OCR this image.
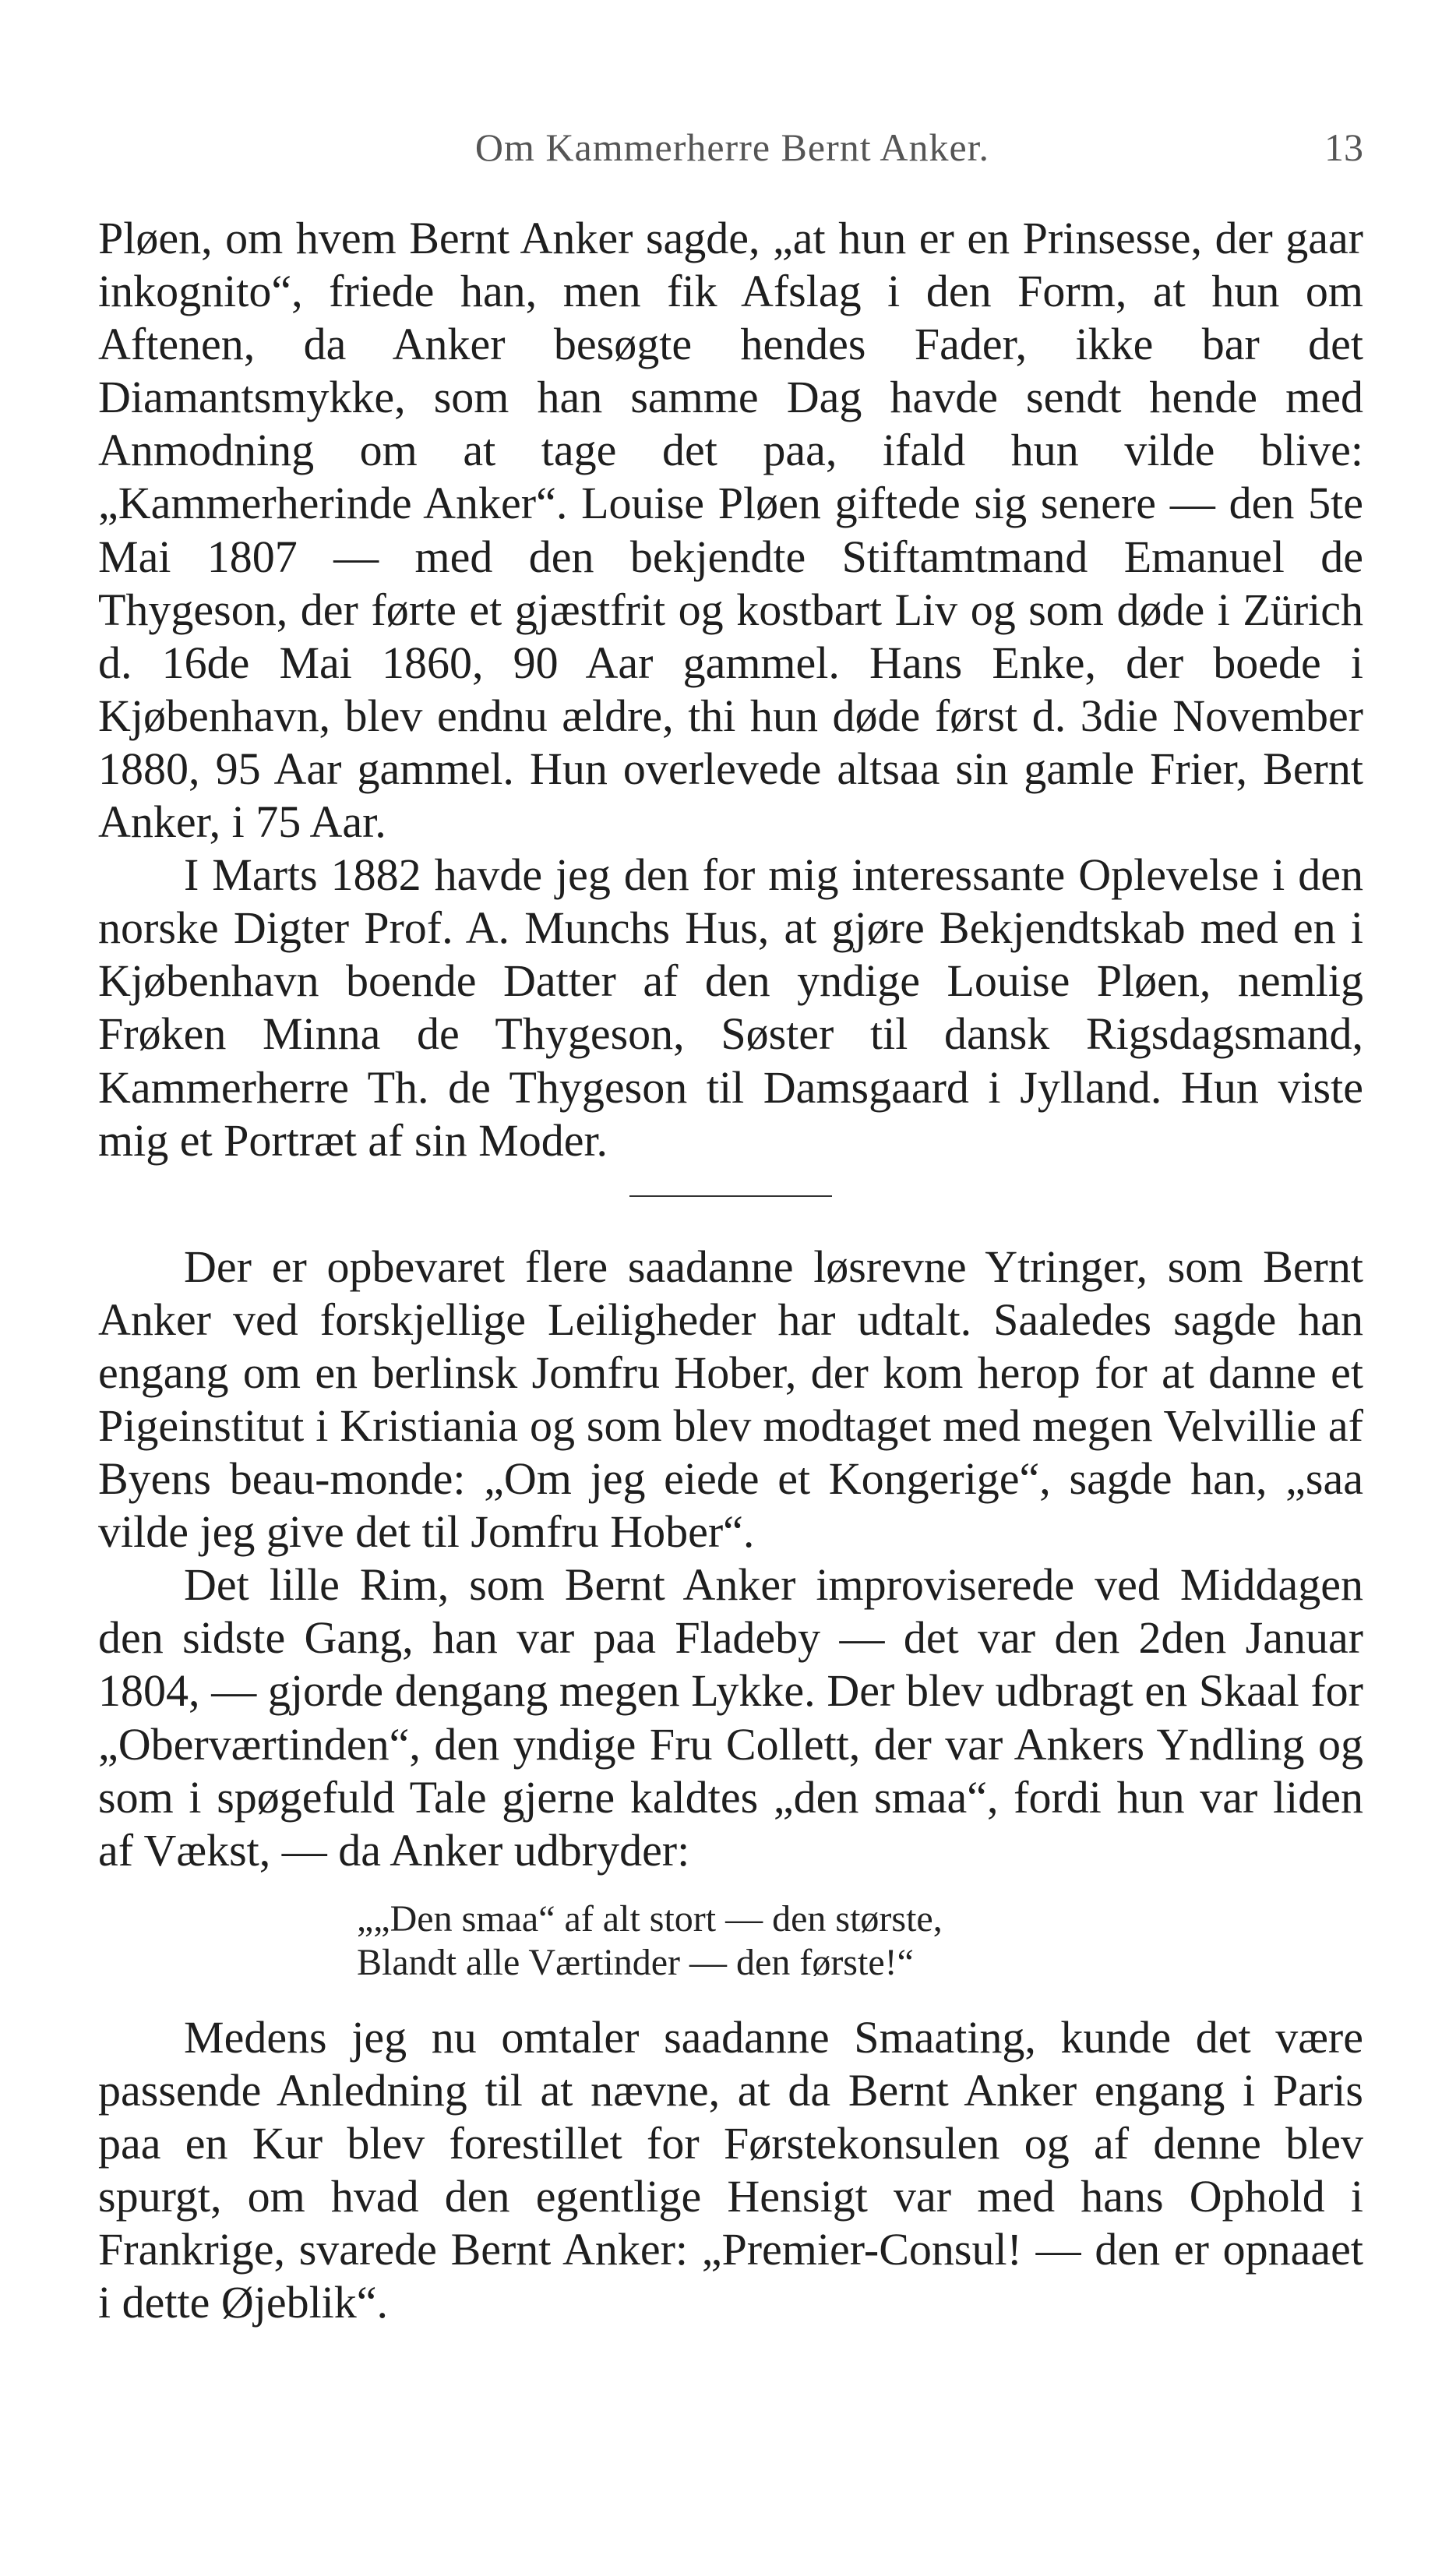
Om Kammerherre Bernt Anker.	13

Pløen, om hvem Bernt Anker sagde, „at hun er en Prinsesse, der gaar inkognito“, friede han, men fik Afslag i den Form, at hun om Aftenen, da Anker besøgte hendes Fader, ikke bar det Diamantsmykke, som han samme Dag havde sendt hende med Anmodning om at tage det paa, ifald hun vilde blive: „Kammerherinde Anker“. Louise Pløen giftede sig senere — den 5te Mai 1807 — med den bekjendte Stiftamtmand Emanuel de Thygeson, der førte et gjæstfrit og kostbart Liv og som døde i Zürich d. 16de Mai 1860, 90 Aar gammel. Hans Enke, der boede i Kjøbenhavn, blev endnu ældre, thi hun døde først d. 3die November 1880, 95 Aar gammel. Hun overlevede altsaa sin gamle Frier, Bernt Anker, i 75 Aar.

I Marts 1882 havde jeg den for mig interessante Oplevelse i den norske Digter Prof. A. Munchs Hus, at gjøre Bekjendtskab med en i Kjøbenhavn boende Datter af den yndige Louise Pløen, nemlig Frøken Minna de Thygeson, Søster til dansk Rigsdagsmand, Kammerherre Th. de Thygeson til Damsgaard i Jylland. Hun viste mig et Portræt af sin Moder.

Der er opbevaret flere saadanne løsrevne Ytringer, som Bernt Anker ved forskjellige Leiligheder har udtalt. Saaledes sagde han engang om en berlinsk Jomfru Hober, der kom herop for at danne et Pigeinstitut i Kristiania og som blev modtaget med megen Velvillie af Byens beau-monde: „Om jeg eiede et Kongerige“, sagde han, „saa vilde jeg give det til Jomfru Hober“.

Det lille Rim, som Bernt Anker improviserede ved Middagen den sidste Gang, han var paa Fladeby — det var den 2den Januar 1804, — gjorde dengang megen Lykke. Der blev udbragt en Skaal for „Oberværtinden“, den yndige Fru Collett, der var Ankers Yndling og som i spøgefuld Tale gjerne kaldtes „den smaa“, fordi hun var liden af Vækst, — da Anker udbryder:

„„Den smaa“ af alt stort — den største,
Blandt alle Værtinder — den første!“

Medens jeg nu omtaler saadanne Smaating, kunde det være passende Anledning til at nævne, at da Bernt Anker engang i Paris paa en Kur blev forestillet for Førstekonsulen og af denne blev spurgt, om hvad den egentlige Hensigt var med hans Ophold i Frankrige, svarede Bernt Anker: „Premier-Consul! — den er opnaaet i dette Øjeblik“.
